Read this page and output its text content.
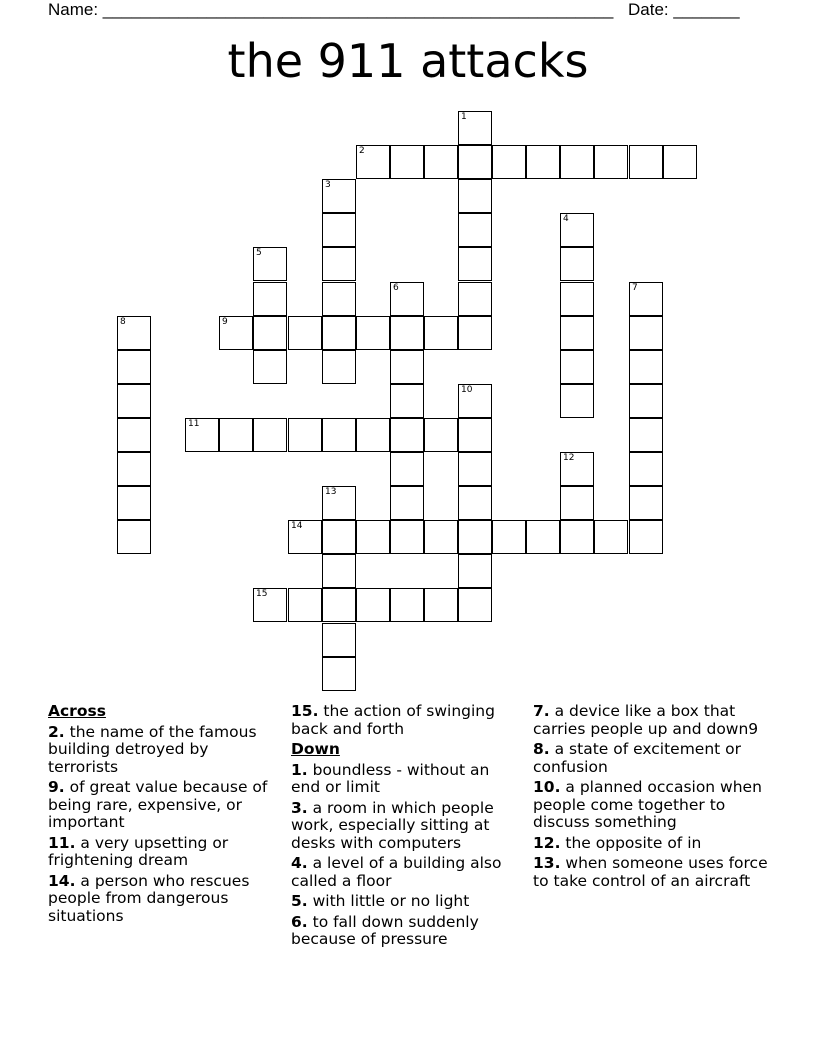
Name: ______________________________________________________ Date: _______
the 911 attacks
1
2
3
4
5
6	7
8	9
10
11
12
13
14
15
Across
2. the name of the famous building detroyed by terrorists
9. of great value because of being rare, expensive, or important
11. a very upsetting or frightening dream
14. a person who rescues people from dangerous situations
15. the action of swinging back and forth
Down
1. boundless - without an end or limit
3. a room in which people work, especially sitting at desks with computers
4. a level of a building also called a floor
5. with little or no light
6. to fall down suddenly because of pressure
7. a device like a box that carries people up and down9
8. a state of excitement or confusion
10. a planned occasion when people come together to discuss something
12. the opposite of in
13. when someone uses force to take control of an aircraft
